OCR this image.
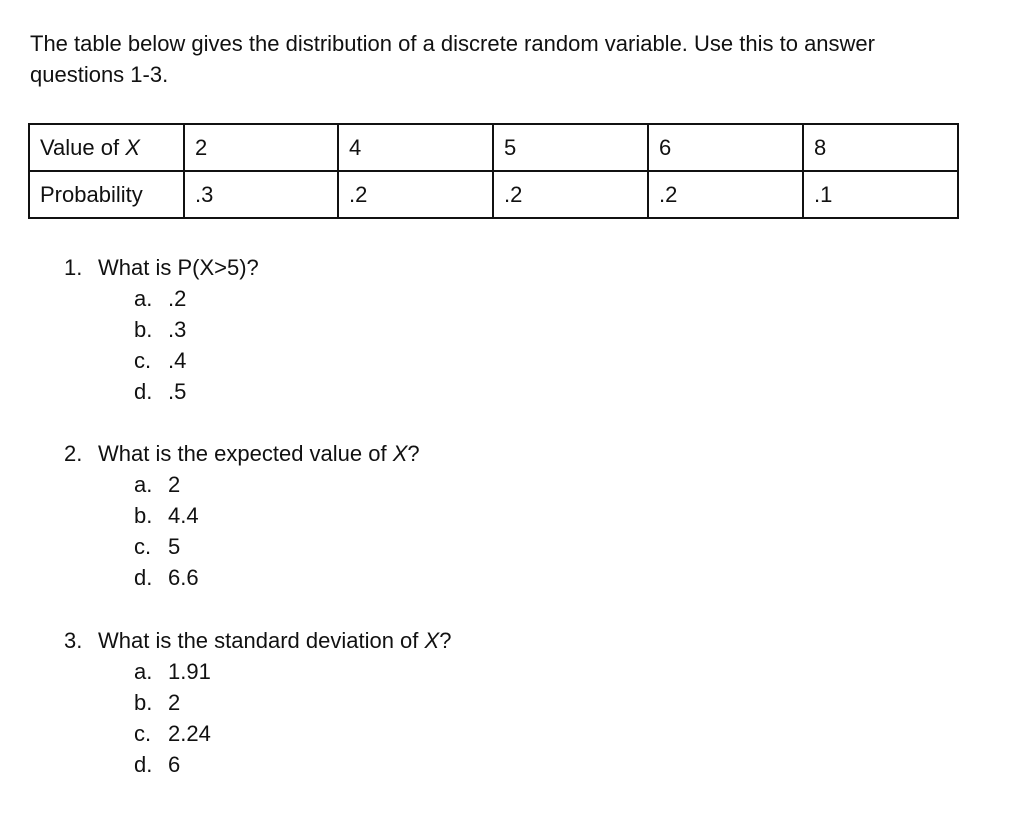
The table below gives the distribution of a discrete random variable. Use this to answer
questions 1-3.

Value of X	2	4	5	6	8
Probability	.3	.2	.2	.2	.1
1. What is P(X>5)?
a. .2
b. .3
c. .4
d. .5
2. What is the expected value of X?
a. 2
b. 4.4
c. 5
d. 6.6
3. What is the standard deviation of X?
a. 1.91
b. 2
c. 2.24
d. 6
